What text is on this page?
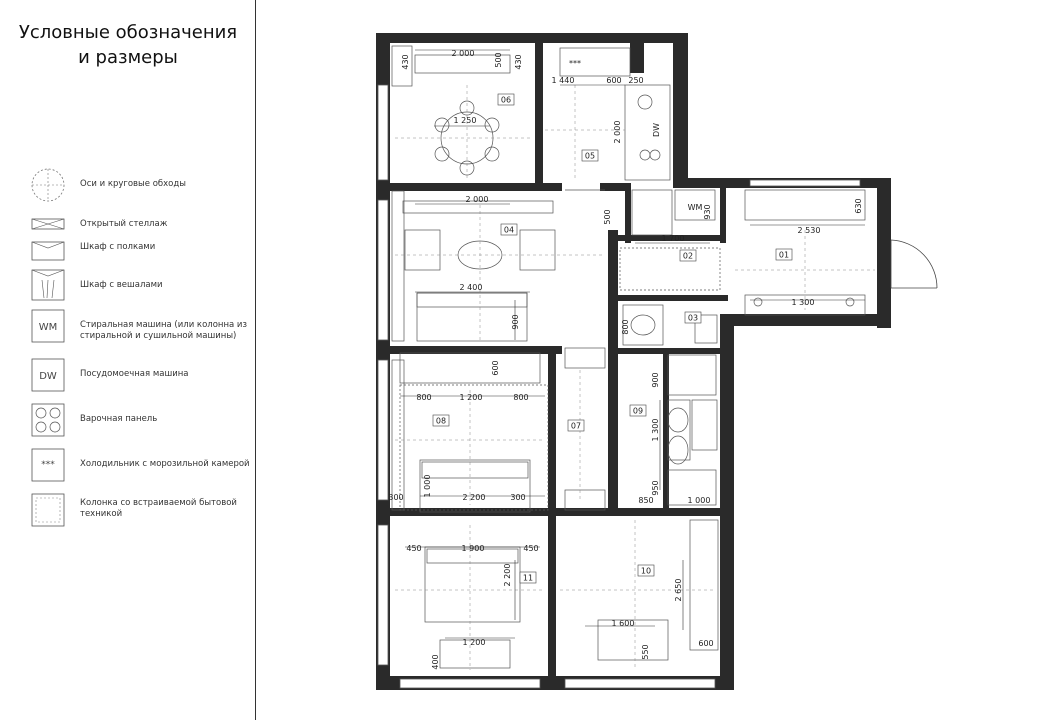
Условные обозначения
и размеры
Оси и круговые обходы
Открытый стеллаж
Шкаф с полками
Шкаф с вешалами
WM	Стиральная машина (или колонна из стиральной и сушильной машины)
DW	Посудомоечная машина
Варочная панель
***	Холодильник с морозильной камерой
Колонка со встраиваемой бытовой техникой
06
05
04
02	01
03
08
07
09
10
11
WM
DW
***
2 000 500
430	430
1 440	600 250
1 250
2 000
2 000
500	930	630
1 700
2 530
2 400
900
1 300
800
600
800	1 200	800
900
1 300
1 000
300	2 200	300	850
950
1 000
450	1 900	450
2 200
2 650
1 200
400
1 600
550
600
